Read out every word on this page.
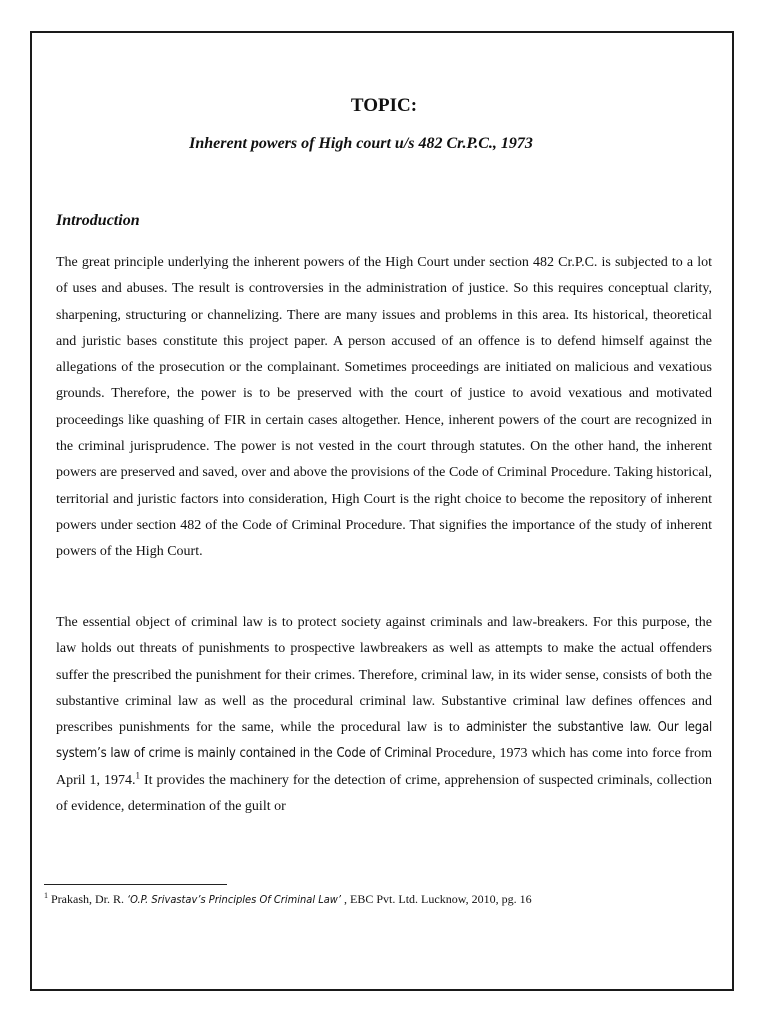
TOPIC:
Inherent powers of High court u/s 482 Cr.P.C., 1973
Introduction

The great principle underlying the inherent powers of the High Court under section 482 Cr.P.C. is subjected to a lot of uses and abuses. The result is controversies in the administration of justice. So this requires conceptual clarity, sharpening, structuring or channelizing. There are many issues and problems in this area. Its historical, theoretical and juristic bases constitute this project paper. A person accused of an offence is to defend himself against the allegations of the prosecution or the complainant. Sometimes proceedings are initiated on malicious and vexatious grounds. Therefore, the power is to be preserved with the court of justice to avoid vexatious and motivated proceedings like quashing of FIR in certain cases altogether. Hence, inherent powers of the court are recognized in the criminal jurisprudence. The power is not vested in the court through statutes. On the other hand, the inherent powers are preserved and saved, over and above the provisions of the Code of Criminal Procedure. Taking historical, territorial and juristic factors into consideration, High Court is the right choice to become the repository of inherent powers under section 482 of the Code of Criminal Procedure. That signifies the importance of the study of inherent powers of the High Court.

The essential object of criminal law is to protect society against criminals and law-breakers. For this purpose, the law holds out threats of punishments to prospective lawbreakers as well as attempts to make the actual offenders suffer the prescribed the punishment for their crimes. Therefore, criminal law, in its wider sense, consists of both the substantive criminal law as well as the procedural criminal law. Substantive criminal law defines offences and prescribes punishments for the same, while the procedural law is to administer the substantive law. Our legal system’s law of crime is mainly contained in the Code of Criminal Procedure, 1973 which has come into force from April 1, 1974.$^1$ It provides the machinery for the detection of crime, apprehension of suspected criminals, collection of evidence, determination of the guilt or

$^1$ Prakash, Dr. R. ‘O.P. Srivastav’s Principles Of Criminal Law’ , EBC Pvt. Ltd. Lucknow, 2010, pg. 16
